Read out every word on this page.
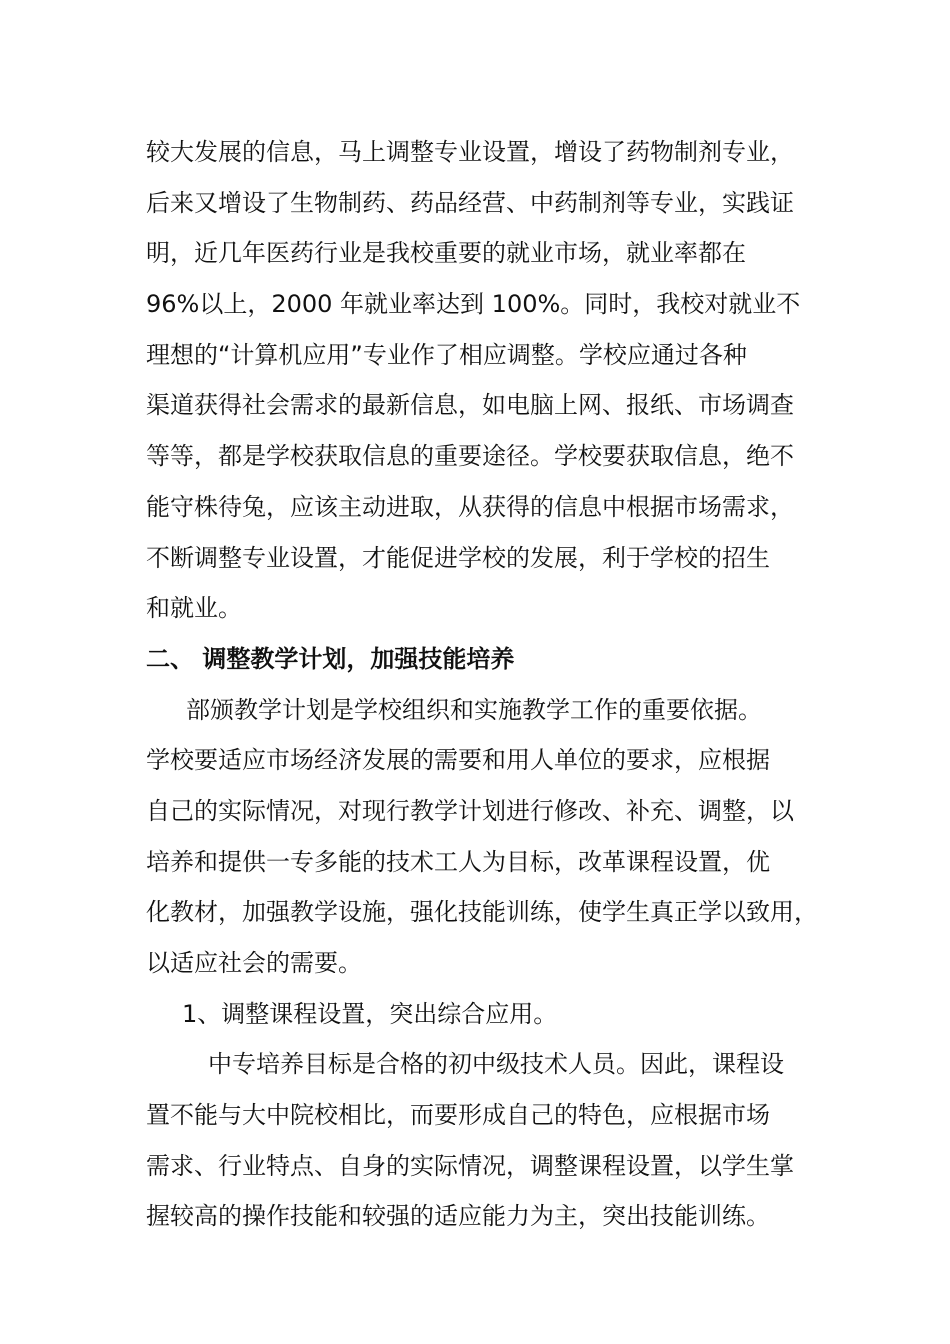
较大发展的信息，马上调整专业设置，增设了药物制剂专业，
后来又增设了生物制药、药品经营、中药制剂等专业，实践证
明，近几年医药行业是我校重要的就业市场，就业率都在
96%以上，2000 年就业率达到 100%。同时，我校对就业不
理想的“计算机应用”专业作了相应调整。学校应通过各种
渠道获得社会需求的最新信息，如电脑上网、报纸、市场调查
等等，都是学校获取信息的重要途径。学校要获取信息，绝不
能守株待兔，应该主动进取，从获得的信息中根据市场需求，
不断调整专业设置，才能促进学校的发展，利于学校的招生
和就业。
二、 调整教学计划，加强技能培养
部颁教学计划是学校组织和实施教学工作的重要依据。
学校要适应市场经济发展的需要和用人单位的要求，应根据
自己的实际情况，对现行教学计划进行修改、补充、调整，以
培养和提供一专多能的技术工人为目标，改革课程设置，优
化教材，加强教学设施，强化技能训练，使学生真正学以致用，
以适应社会的需要。
1、调整课程设置，突出综合应用。
中专培养目标是合格的初中级技术人员。因此，课程设
置不能与大中院校相比，而要形成自己的特色，应根据市场
需求、行业特点、自身的实际情况，调整课程设置，以学生掌
握较高的操作技能和较强的适应能力为主，突出技能训练。
